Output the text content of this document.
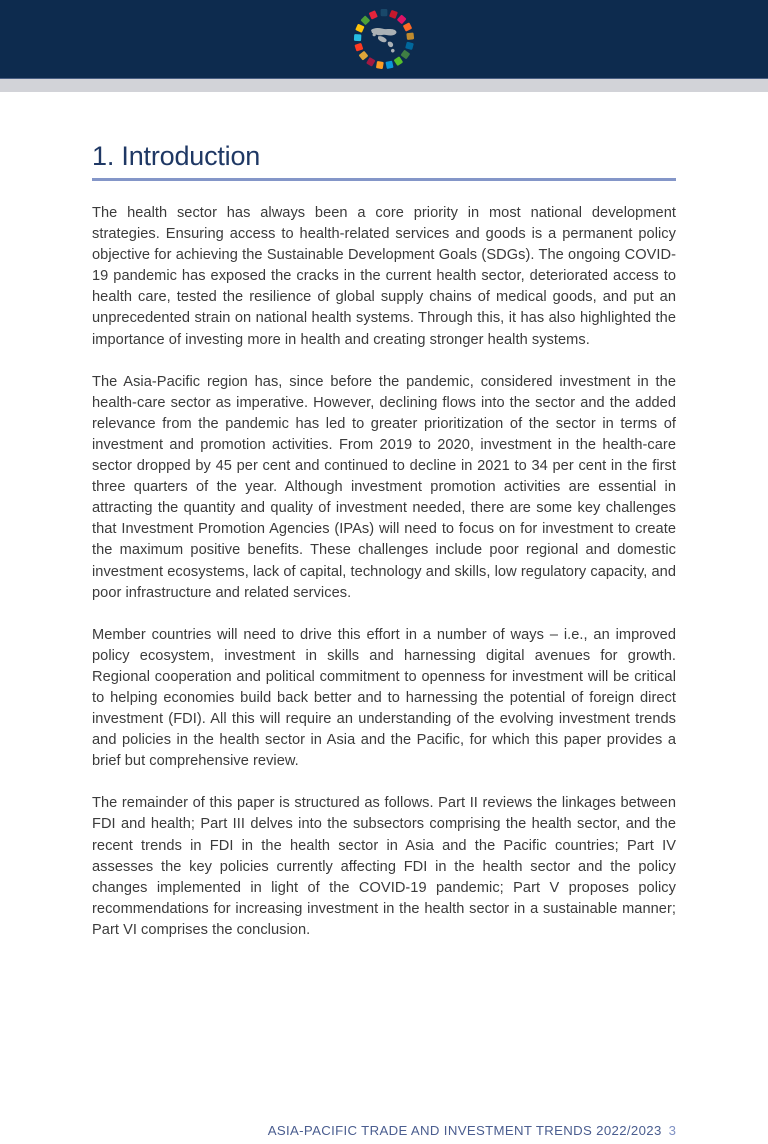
1. Introduction

The health sector has always been a core priority in most national development strategies. Ensuring access to health-related services and goods is a permanent policy objective for achieving the Sustainable Development Goals (SDGs). The ongoing COVID-19 pandemic has exposed the cracks in the current health sector, deteriorated access to health care, tested the resilience of global supply chains of medical goods, and put an unprecedented strain on national health systems. Through this, it has also highlighted the importance of investing more in health and creating stronger health systems.

The Asia-Pacific region has, since before the pandemic, considered investment in the health-care sector as imperative. However, declining flows into the sector and the added relevance from the pandemic has led to greater prioritization of the sector in terms of investment and promotion activities. From 2019 to 2020, investment in the health-care sector dropped by 45 per cent and continued to decline in 2021 to 34 per cent in the first three quarters of the year. Although investment promotion activities are essential in attracting the quantity and quality of investment needed, there are some key challenges that Investment Promotion Agencies (IPAs) will need to focus on for investment to create the maximum positive benefits. These challenges include poor regional and domestic investment ecosystems, lack of capital, technology and skills, low regulatory capacity, and poor infrastructure and related services.

Member countries will need to drive this effort in a number of ways – i.e., an improved policy ecosystem, investment in skills and harnessing digital avenues for growth. Regional cooperation and political commitment to openness for investment will be critical to helping economies build back better and to harnessing the potential of foreign direct investment (FDI). All this will require an understanding of the evolving investment trends and policies in the health sector in Asia and the Pacific, for which this paper provides a brief but comprehensive review.

The remainder of this paper is structured as follows. Part II reviews the linkages between FDI and health; Part III delves into the subsectors comprising the health sector, and the recent trends in FDI in the health sector in Asia and the Pacific countries; Part IV assesses the key policies currently affecting FDI in the health sector and the policy changes implemented in light of the COVID-19 pandemic; Part V proposes policy recommendations for increasing investment in the health sector in a sustainable manner; Part VI comprises the conclusion.

ASIA-PACIFIC TRADE AND INVESTMENT TRENDS 2022/2023 3
